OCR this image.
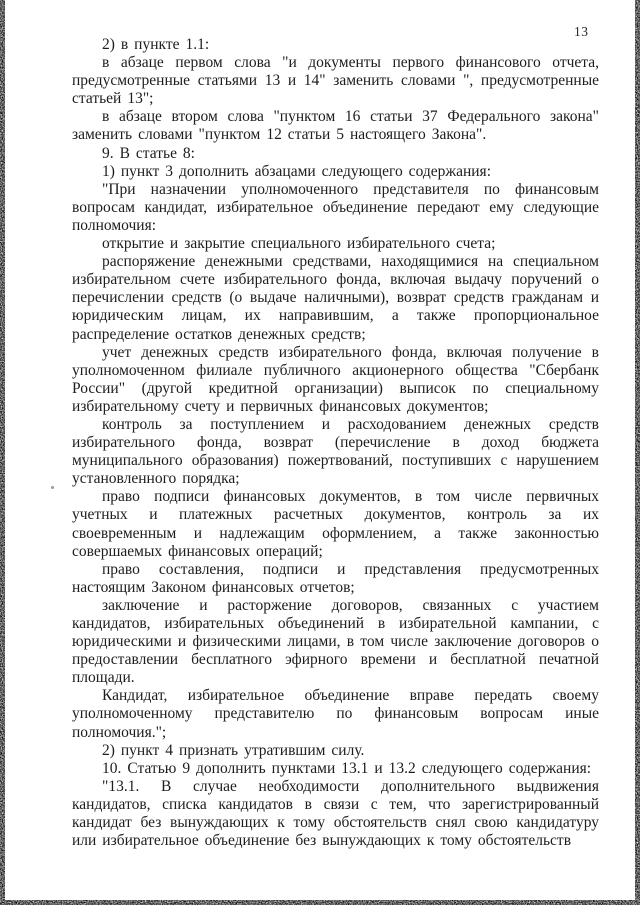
13

2) в пункте 1.1:

в абзаце первом слова "и документы первого финансового отчета, предусмотренные статьями 13 и 14" заменить словами ", предусмотренные статьей 13";

в абзаце втором слова "пунктом 16 статьи 37 Федерального закона" заменить словами "пунктом 12 статьи 5 настоящего Закона".

9. В статье 8:

1) пункт 3 дополнить абзацами следующего содержания:

"При назначении уполномоченного представителя по финансовым вопросам кандидат, избирательное объединение передают ему следующие полномочия:

открытие и закрытие специального избирательного счета;

распоряжение денежными средствами, находящимися на специальном избирательном счете избирательного фонда, включая выдачу поручений о перечислении средств (о выдаче наличными), возврат средств гражданам и юридическим лицам, их направившим, а также пропорциональное распределение остатков денежных средств;

учет денежных средств избирательного фонда, включая получение в уполномоченном филиале публичного акционерного общества "Сбербанк России" (другой кредитной организации) выписок по специальному избирательному счету и первичных финансовых документов;

контроль за поступлением и расходованием денежных средств избирательного фонда, возврат (перечисление в доход бюджета муниципального образования) пожертвований, поступивших с нарушением установленного порядка;

право подписи финансовых документов, в том числе первичных учетных и платежных расчетных документов, контроль за их своевременным и надлежащим оформлением, а также законностью совершаемых финансовых операций;

право составления, подписи и представления предусмотренных настоящим Законом финансовых отчетов;

заключение и расторжение договоров, связанных с участием кандидатов, избирательных объединений в избирательной кампании, с юридическими и физическими лицами, в том числе заключение договоров о предоставлении бесплатного эфирного времени и бесплатной печатной площади.

Кандидат, избирательное объединение вправе передать своему уполномоченному представителю по финансовым вопросам иные полномочия.";

2) пункт 4 признать утратившим силу.

10. Статью 9 дополнить пунктами 13.1 и 13.2 следующего содержания:

"13.1. В случае необходимости дополнительного выдвижения кандидатов, списка кандидатов в связи с тем, что зарегистрированный кандидат без вынуждающих к тому обстоятельств снял свою кандидатуру или избирательное объединение без вынуждающих к тому обстоятельств
